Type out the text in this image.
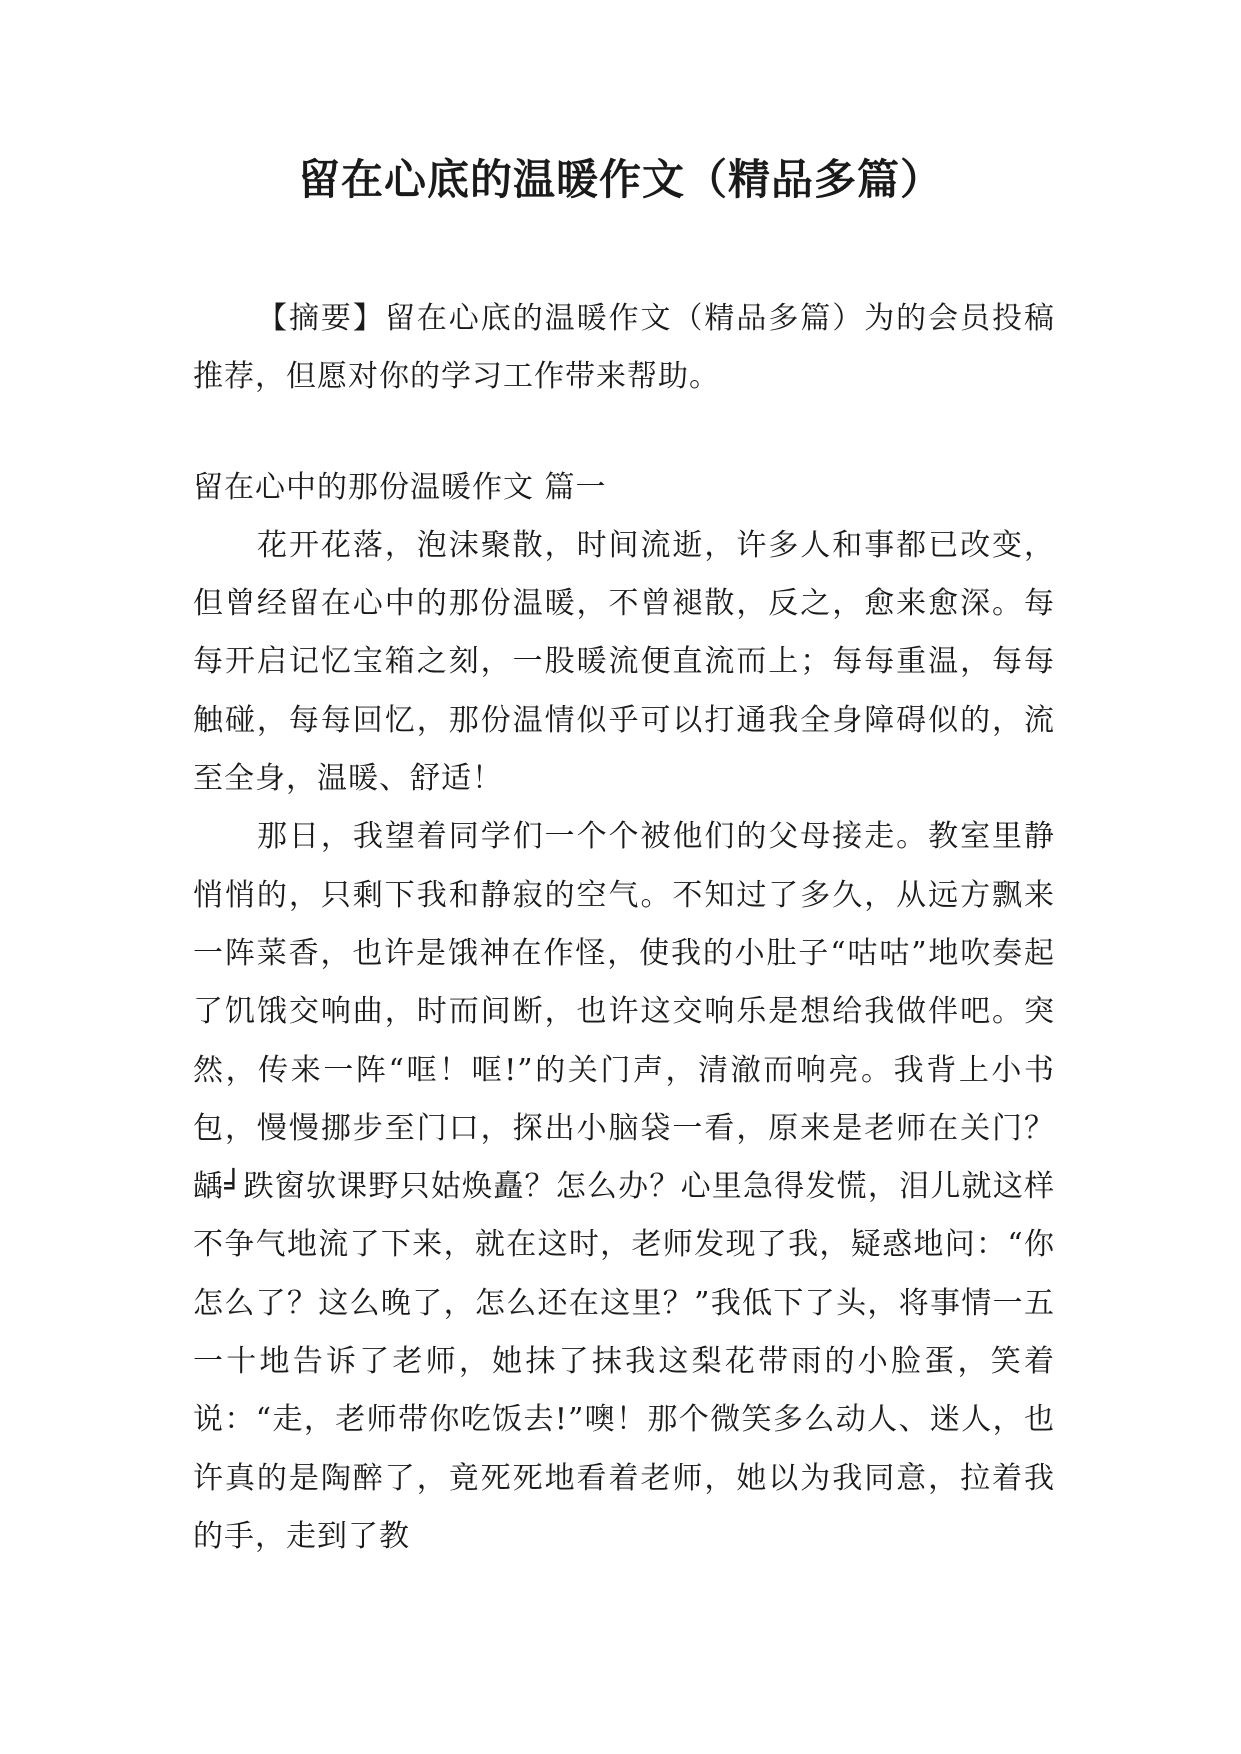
留在心底的温暖作文（精品多篇）

【摘要】留在心底的温暖作文（精品多篇）为的会员投稿推荐，但愿对你的学习工作带来帮助。

留在心中的那份温暖作文 篇一

花开花落，泡沫聚散，时间流逝，许多人和事都已改变，但曾经留在心中的那份温暖，不曾褪散，反之，愈来愈深。每每开启记忆宝箱之刻，一股暖流便直流而上；每每重温，每每触碰，每每回忆，那份温情似乎可以打通我全身障碍似的，流至全身，温暖、舒适！

那日，我望着同学们一个个被他们的父母接走。教室里静悄悄的，只剩下我和静寂的空气。不知过了多久，从远方飘来一阵菜香，也许是饿神在作怪，使我的小肚子“咕咕”地吹奏起了饥饿交响曲，时而间断，也许这交响乐是想给我做伴吧。突然，传来一阵“哐！哐!”的关门声，清澈而响亮。我背上小书包，慢慢挪步至门口，探出小脑袋一看，原来是老师在关门？龋╛跌窗欤课野只姑焕矗？怎么办？心里急得发慌，泪儿就这样不争气地流了下来，就在这时，老师发现了我，疑惑地问：“你怎么了？这么晚了，怎么还在这里？”我低下了头，将事情一五一十地告诉了老师，她抹了抹我这梨花带雨的小脸蛋，笑着说：“走，老师带你吃饭去!”噢！那个微笑多么动人、迷人，也许真的是陶醉了，竟死死地看着老师，她以为我同意，拉着我的手，走到了教
